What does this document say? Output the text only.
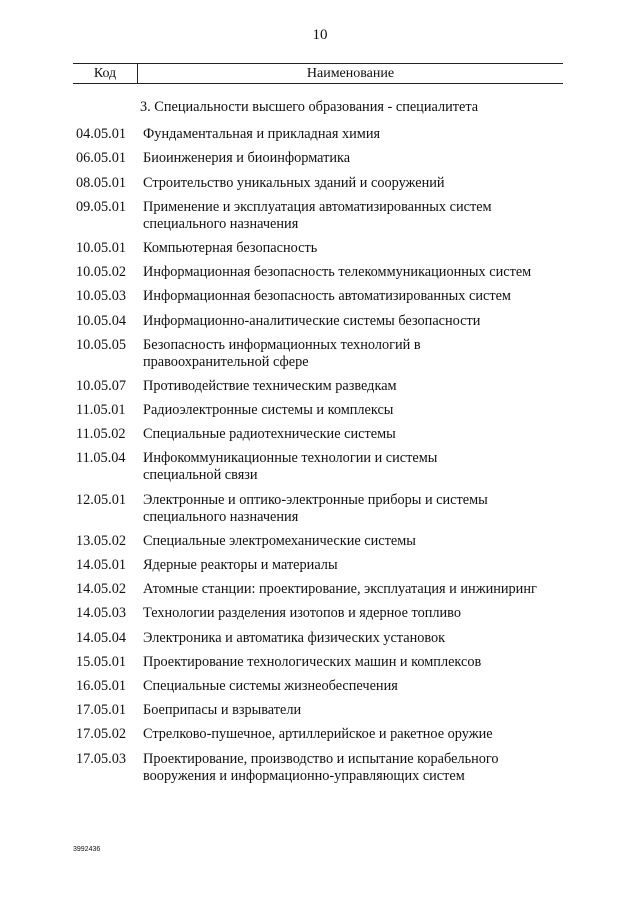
10
Код	Наименование
3. Специальности высшего образования - специалитета
04.05.01	Фундаментальная и прикладная химия
06.05.01	Биоинженерия и биоинформатика
08.05.01	Строительство уникальных зданий и сооружений
09.05.01	Применение и эксплуатация автоматизированных систем
специального назначения
10.05.01	Компьютерная безопасность
10.05.02	Информационная безопасность телекоммуникационных систем
10.05.03	Информационная безопасность автоматизированных систем
10.05.04	Информационно-аналитические системы безопасности
10.05.05	Безопасность информационных технологий в
правоохранительной сфере
10.05.07	Противодействие техническим разведкам
11.05.01	Радиоэлектронные системы и комплексы
11.05.02	Специальные радиотехнические системы
11.05.04	Инфокоммуникационные технологии и системы
специальной связи
12.05.01	Электронные и оптико-электронные приборы и системы
специального назначения
13.05.02	Специальные электромеханические системы
14.05.01	Ядерные реакторы и материалы
14.05.02	Атомные станции: проектирование, эксплуатация и инжиниринг
14.05.03	Технологии разделения изотопов и ядерное топливо
14.05.04	Электроника и автоматика физических установок
15.05.01	Проектирование технологических машин и комплексов
16.05.01	Специальные системы жизнеобеспечения
17.05.01	Боеприпасы и взрыватели
17.05.02	Стрелково-пушечное, артиллерийское и ракетное оружие
17.05.03	Проектирование, производство и испытание корабельного
вооружения и информационно-управляющих систем
3992436
